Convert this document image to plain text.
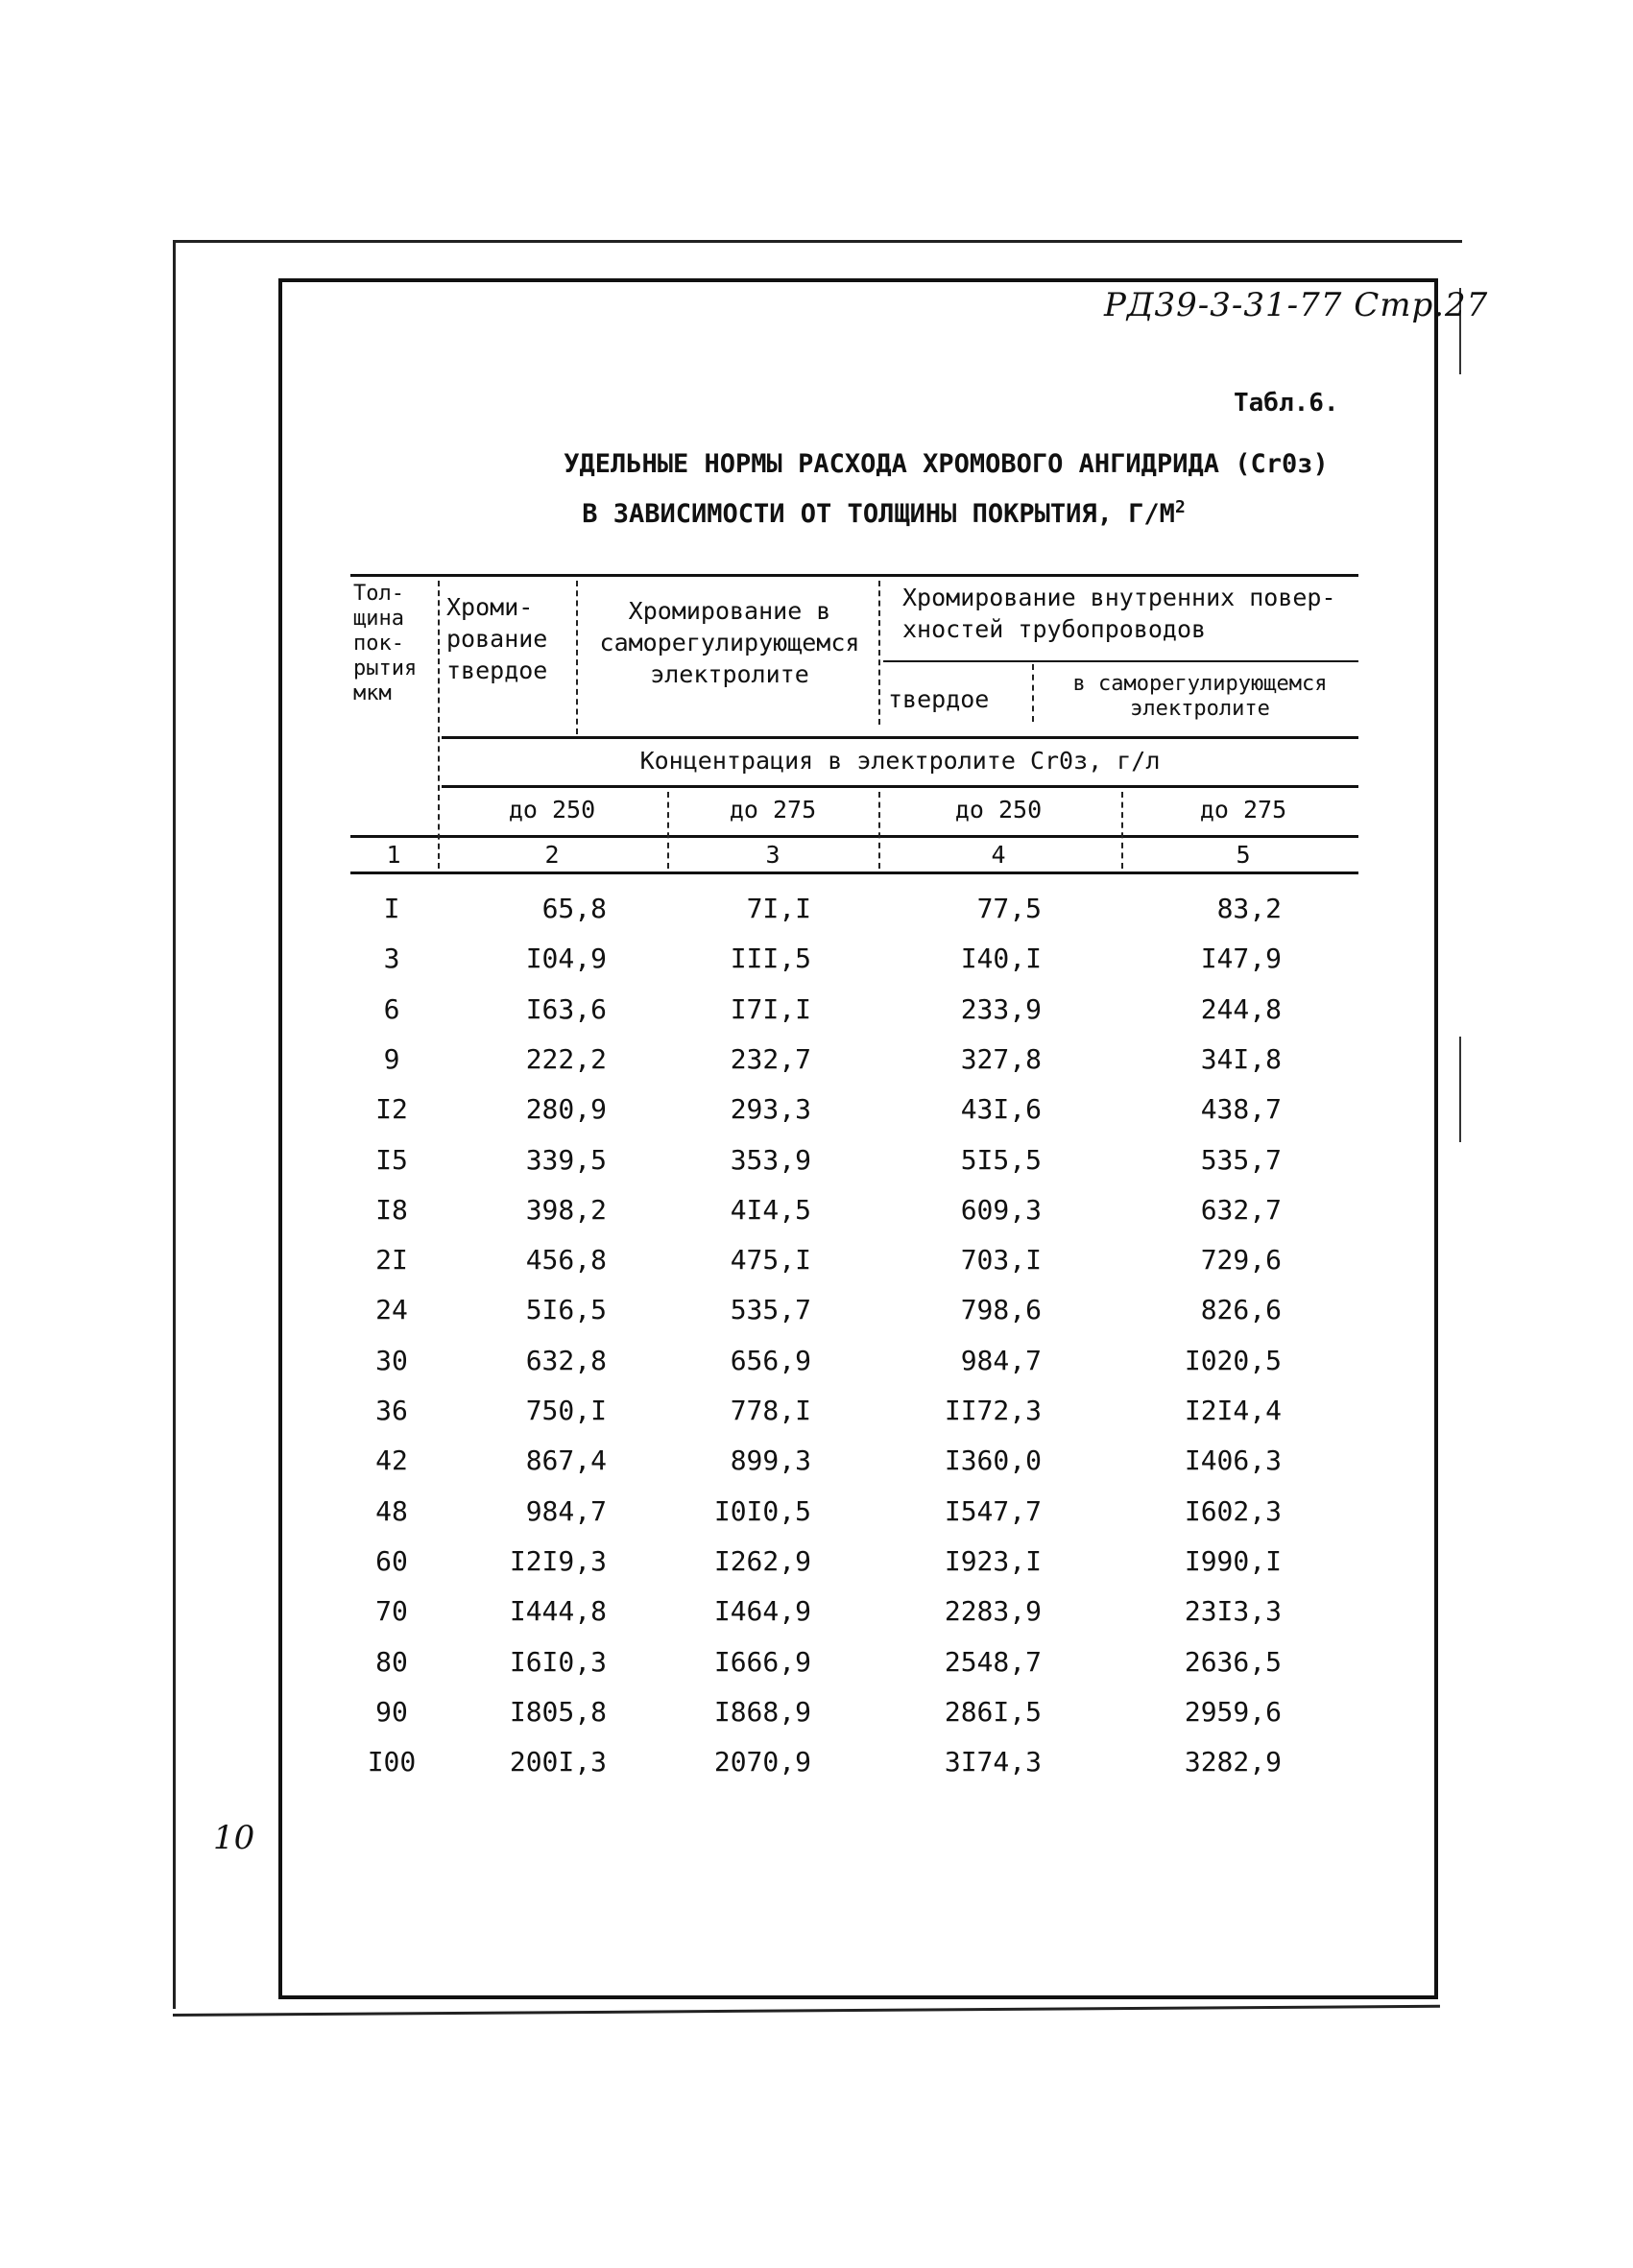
РД39-3-31-77 Стр.27
Табл.6.
УДЕЛЬНЫЕ НОРМЫ РАСХОДА ХРОМОВОГО АНГИДРИДА (Сr0з)
В ЗАВИСИМОСТИ ОТ ТОЛЩИНЫ ПОКРЫТИЯ, $Г/М^2$
Тол-
щина
пок-
рытия
мкм
Хроми-
рование
твердое
Хромирование в
саморегулирующемся
электролите
Хромирование внутренних повер-
хностей трубопроводов
твердое
в саморегулирующемся
электролите
Концентрация в электролите Сr0з, г/л
до 250	до 275	до 250	до 275
1	2	3	4	5
I	65,8	7I,I	77,5	83,2
3	I04,9	III,5	I40,I	I47,9
6	I63,6	I7I,I	233,9	244,8
9	222,2	232,7	327,8	34I,8
I2	280,9	293,3	43I,6	438,7
I5	339,5	353,9	5I5,5	535,7
I8	398,2	4I4,5	609,3	632,7
2I	456,8	475,I	703,I	729,6
24	5I6,5	535,7	798,6	826,6
30	632,8	656,9	984,7	I020,5
36	750,I	778,I	II72,3	I2I4,4
42	867,4	899,3	I360,0	I406,3
48	984,7	I0I0,5	I547,7	I602,3
60	I2I9,3	I262,9	I923,I	I990,I
70	I444,8	I464,9	2283,9	23I3,3
80	I6I0,3	I666,9	2548,7	2636,5
90	I805,8	I868,9	286I,5	2959,6
I00	200I,3	2070,9	3I74,3	3282,9
10
